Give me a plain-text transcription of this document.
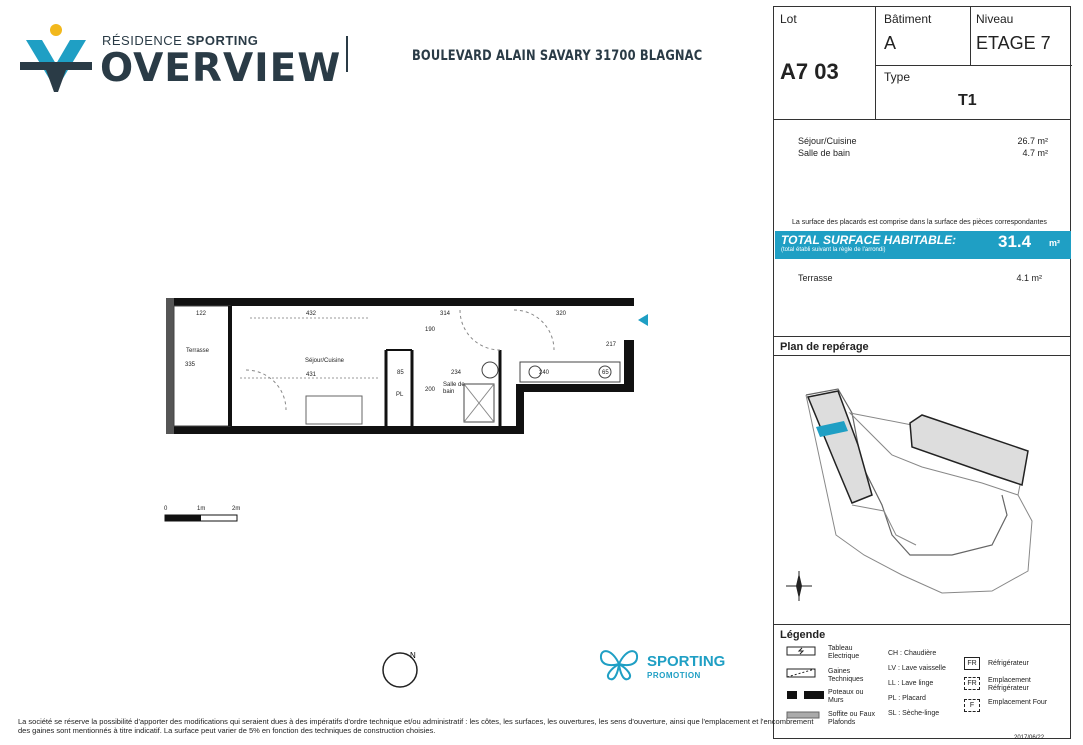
RÉSIDENCE SPORTING
OVERVIEW	BOULEVARD ALAIN SAVARY 31700 BLAGNAC
Terrasse
Séjour/Cuisine
Salle de bain
PL
122	432	314	320
431	85	234	240	65
190
335
217
200
0	1m	2m
N	SPORTING
PROMOTION
Lot
A7 03
Bâtiment
A
Niveau
ETAGE 7
Type
T1
Séjour/Cuisine	26.7 m²
Salle de bain	4.7 m²
La surface des placards est comprise dans la surface des pièces correspondantes
TOTAL SURFACE HABITABLE:
(total établi suivant la règle de l'arrondi)	31.4 m²
Terrasse	4.1 m²
Plan de repérage
Légende
Tableau Electrique
Gaines Techniques
Poteaux ou Murs
Soffite ou Faux Plafonds
CH : Chaudière
LV : Lave vaisselle
LL : Lave linge
PL : Placard
SL : Sèche-linge
FR	Réfrigérateur
FR	Emplacement Réfrigérateur
F	Emplacement Four
La société se réserve la possibilité d'apporter des modifications qui seraient dues à des impératifs d'ordre technique et/ou administratif : les côtes, les surfaces, les ouvertures, les sens d'ouverture, ainsi que l'emplacement et l'encombrement des gaines sont mentionnés à titre indicatif. La surface peut varier de 5% en fonction des techniques de construction choisies.
2017/06/22
